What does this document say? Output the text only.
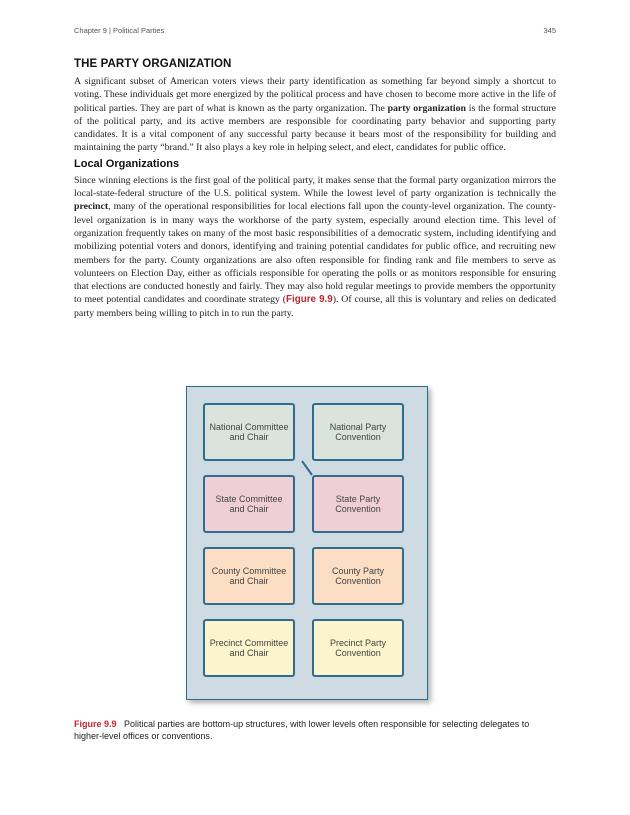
Chapter 9 | Political Parties	345
THE PARTY ORGANIZATION

A significant subset of American voters views their party identification as something far beyond simply a shortcut to voting. These individuals get more energized by the political process and have chosen to become more active in the life of political parties. They are part of what is known as the party organization. The party organization is the formal structure of the political party, and its active members are responsible for coordinating party behavior and supporting party candidates. It is a vital component of any successful party because it bears most of the responsibility for building and maintaining the party “brand.” It also plays a key role in helping select, and elect, candidates for public office.

Local Organizations

Since winning elections is the first goal of the political party, it makes sense that the formal party organization mirrors the local-state-federal structure of the U.S. political system. While the lowest level of party organization is technically the precinct, many of the operational responsibilities for local elections fall upon the county-level organization. The county-level organization is in many ways the workhorse of the party system, especially around election time. This level of organization frequently takes on many of the most basic responsibilities of a democratic system, including identifying and mobilizing potential voters and donors, identifying and training potential candidates for public office, and recruiting new members for the party. County organizations are also often responsible for finding rank and file members to serve as volunteers on Election Day, either as officials responsible for operating the polls or as monitors responsible for ensuring that elections are conducted honestly and fairly. They may also hold regular meetings to provide members the opportunity to meet potential candidates and coordinate strategy (Figure 9.9). Of course, all this is voluntary and relies on dedicated party members being willing to pitch in to run the party.

National Committee and Chair
National Party Convention
State Committee and Chair
State Party Convention
County Committee and Chair
County Party Convention
Precinct Committee and Chair
Precinct Party Convention
Figure 9.9 Political parties are bottom-up structures, with lower levels often responsible for selecting delegates to higher-level offices or conventions.
